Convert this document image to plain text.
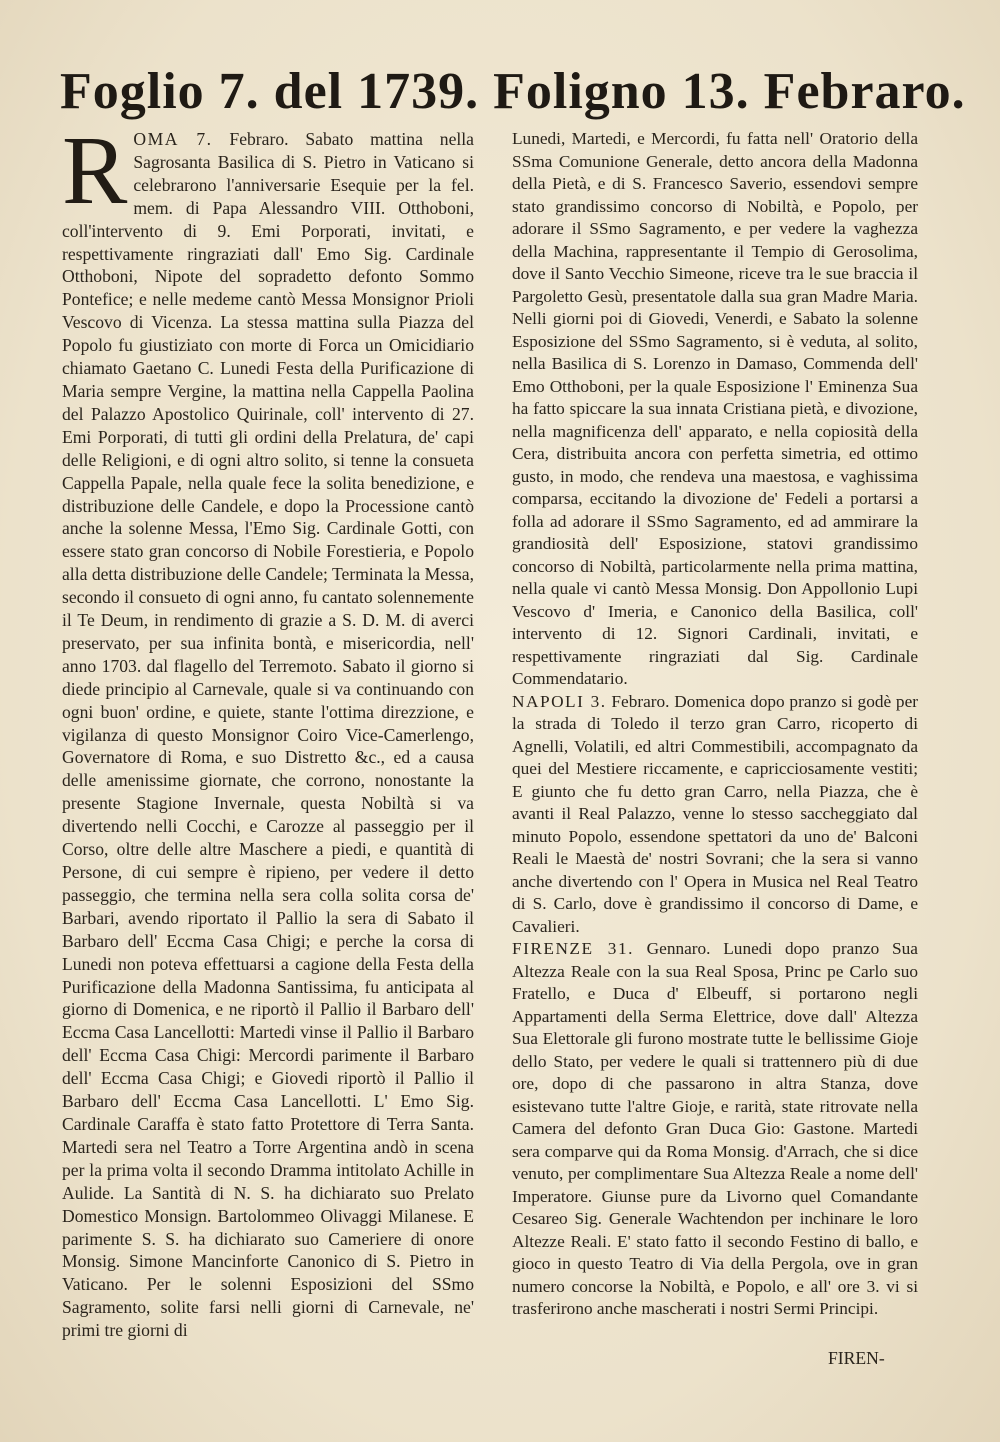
Foglio 7. del 1739. Foligno 13. Febraro.

R OMA 7. Febraro. Sabato mattina nella Sagrosanta Basilica di S. Pietro in Vaticano si celebrarono l'anniversarie Esequie per la fel. mem. di Papa Alessandro VIII. Otthoboni, coll'intervento di 9. Emi Porporati, invitati, e respettivamente ringraziati dall' Emo Sig. Cardinale Otthoboni, Nipote del sopradetto defonto Sommo Pontefice; e nelle medeme cantò Messa Monsignor Prioli Vescovo di Vicenza. La stessa mattina sulla Piazza del Popolo fu giustiziato con morte di Forca un Omicidiario chiamato Gaetano C. Lunedi Festa della Purificazione di Maria sempre Vergine, la mattina nella Cappella Paolina del Palazzo Apostolico Quirinale, coll' intervento di 27. Emi Porporati, di tutti gli ordini della Prelatura, de' capi delle Religioni, e di ogni altro solito, si tenne la consueta Cappella Papale, nella quale fece la solita benedizione, e distribuzione delle Candele, e dopo la Processione cantò anche la solenne Messa, l'Emo Sig. Cardinale Gotti, con essere stato gran concorso di Nobile Forestieria, e Popolo alla detta distribuzione delle Candele; Terminata la Messa, secondo il consueto di ogni anno, fu cantato solennemente il Te Deum, in rendimento di grazie a S. D. M. di averci preservato, per sua infinita bontà, e misericordia, nell' anno 1703. dal flagello del Terremoto. Sabato il giorno si diede principio al Carnevale, quale si va continuando con ogni buon' ordine, e quiete, stante l'ottima direzzione, e vigilanza di questo Monsignor Coiro Vice-Camerlengo, Governatore di Roma, e suo Distretto &c., ed a causa delle amenissime giornate, che corrono, nonostante la presente Stagione Invernale, questa Nobiltà si va divertendo nelli Cocchi, e Carozze al passeggio per il Corso, oltre delle altre Maschere a piedi, e quantità di Persone, di cui sempre è ripieno, per vedere il detto passeggio, che termina nella sera colla solita corsa de' Barbari, avendo riportato il Pallio la sera di Sabato il Barbaro dell' Eccma Casa Chigi; e perche la corsa di Lunedi non poteva effettuarsi a cagione della Festa della Purificazione della Madonna Santissima, fu anticipata al giorno di Domenica, e ne riportò il Pallio il Barbaro dell' Eccma Casa Lancellotti: Martedi vinse il Pallio il Barbaro dell' Eccma Casa Chigi: Mercordi parimente il Barbaro dell' Eccma Casa Chigi; e Giovedi riportò il Pallio il Barbaro dell' Eccma Casa Lancellotti. L' Emo Sig. Cardinale Caraffa è stato fatto Protettore di Terra Santa. Martedi sera nel Teatro a Torre Argentina andò in scena per la prima volta il secondo Dramma intitolato Achille in Aulide. La Santità di N. S. ha dichiarato suo Prelato Domestico Monsign. Bartolommeo Olivaggi Milanese. E parimente S. S. ha dichiarato suo Cameriere di onore Monsig. Simone Mancinforte Canonico di S. Pietro in Vaticano. Per le solenni Esposizioni del SSmo Sagramento, solite farsi nelli giorni di Carnevale, ne' primi tre giorni di

Lunedi, Martedi, e Mercordi, fu fatta nell' Oratorio della SSma Comunione Generale, detto ancora della Madonna della Pietà, e di S. Francesco Saverio, essendovi sempre stato grandissimo concorso di Nobiltà, e Popolo, per adorare il SSmo Sagramento, e per vedere la vaghezza della Machina, rappresentante il Tempio di Gerosolima, dove il Santo Vecchio Simeone, riceve tra le sue braccia il Pargoletto Gesù, presentatole dalla sua gran Madre Maria. Nelli giorni poi di Giovedi, Venerdi, e Sabato la solenne Esposizione del SSmo Sagramento, si è veduta, al solito, nella Basilica di S. Lorenzo in Damaso, Commenda dell' Emo Otthoboni, per la quale Esposizione l' Eminenza Sua ha fatto spiccare la sua innata Cristiana pietà, e divozione, nella magnificenza dell' apparato, e nella copiosità della Cera, distribuita ancora con perfetta simetria, ed ottimo gusto, in modo, che rendeva una maestosa, e vaghissima comparsa, eccitando la divozione de' Fedeli a portarsi a folla ad adorare il SSmo Sagramento, ed ad ammirare la grandiosità dell' Esposizione, statovi grandissimo concorso di Nobiltà, particolarmente nella prima mattina, nella quale vi cantò Messa Monsig. Don Appollonio Lupi Vescovo d' Imeria, e Canonico della Basilica, coll' intervento di 12. Signori Cardinali, invitati, e respettivamente ringraziati dal Sig. Cardinale Commendatario.

NAPOLI 3. Febraro. Domenica dopo pranzo si godè per la strada di Toledo il terzo gran Carro, ricoperto di Agnelli, Volatili, ed altri Commestibili, accompagnato da quei del Mestiere riccamente, e capricciosamente vestiti; E giunto che fu detto gran Carro, nella Piazza, che è avanti il Real Palazzo, venne lo stesso saccheggiato dal minuto Popolo, essendone spettatori da uno de' Balconi Reali le Maestà de' nostri Sovrani; che la sera si vanno anche divertendo con l' Opera in Musica nel Real Teatro di S. Carlo, dove è grandissimo il concorso di Dame, e Cavalieri.

FIRENZE 31. Gennaro. Lunedi dopo pranzo Sua Altezza Reale con la sua Real Sposa, Princ pe Carlo suo Fratello, e Duca d' Elbeuff, si portarono negli Appartamenti della Serma Elettrice, dove dall' Altezza Sua Elettorale gli furono mostrate tutte le bellissime Gioje dello Stato, per vedere le quali si trattennero più di due ore, dopo di che passarono in altra Stanza, dove esistevano tutte l'altre Gioje, e rarità, state ritrovate nella Camera del defonto Gran Duca Gio: Gastone. Martedi sera comparve qui da Roma Monsig. d'Arrach, che si dice venuto, per complimentare Sua Altezza Reale a nome dell' Imperatore. Giunse pure da Livorno quel Comandante Cesareo Sig. Generale Wachtendon per inchinare le loro Altezze Reali. E' stato fatto il secondo Festino di ballo, e gioco in questo Teatro di Via della Pergola, ove in gran numero concorse la Nobiltà, e Popolo, e all' ore 3. vi si trasferirono anche mascherati i nostri Sermi Principi.

FIREN-
